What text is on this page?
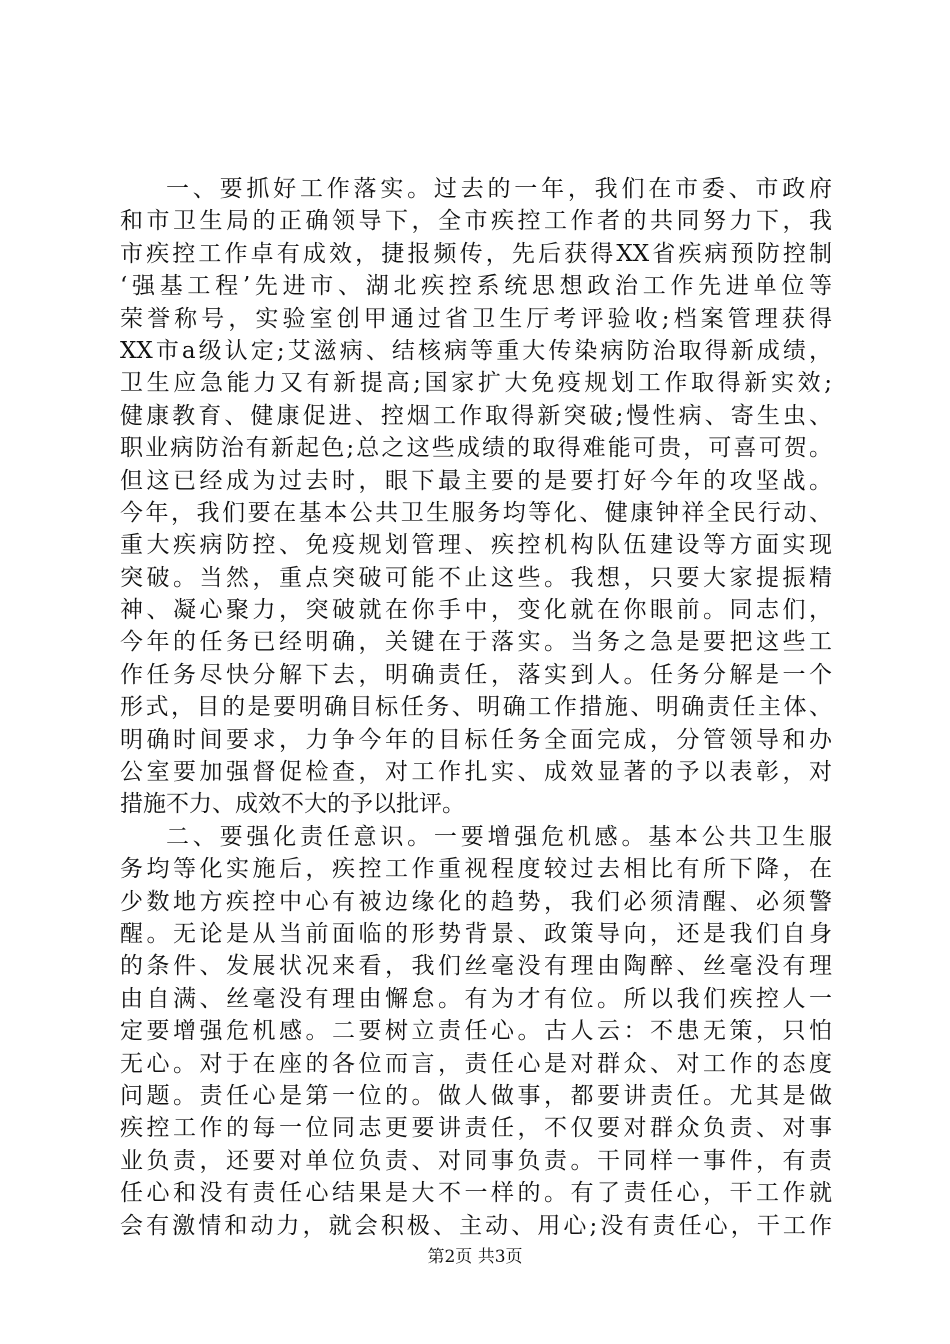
一、要抓好工作落实。过去的一年，我们在市委、市政府
和市卫生局的正确领导下，全市疾控工作者的共同努力下，我
市疾控工作卓有成效，捷报频传，先后获得XX省疾病预防控制
‘强基工程’先进市、湖北疾控系统思想政治工作先进单位等
荣誉称号，实验室创甲通过省卫生厅考评验收;档案管理获得
XX市a级认定;艾滋病、结核病等重大传染病防治取得新成绩，
卫生应急能力又有新提高;国家扩大免疫规划工作取得新实效;
健康教育、健康促进、控烟工作取得新突破;慢性病、寄生虫、
职业病防治有新起色;总之这些成绩的取得难能可贵，可喜可贺。
但这已经成为过去时，眼下最主要的是要打好今年的攻坚战。
今年，我们要在基本公共卫生服务均等化、健康钟祥全民行动、
重大疾病防控、免疫规划管理、疾控机构队伍建设等方面实现
突破。当然，重点突破可能不止这些。我想，只要大家提振精
神、凝心聚力，突破就在你手中，变化就在你眼前。同志们，
今年的任务已经明确，关键在于落实。当务之急是要把这些工
作任务尽快分解下去，明确责任，落实到人。任务分解是一个
形式，目的是要明确目标任务、明确工作措施、明确责任主体、
明确时间要求，力争今年的目标任务全面完成，分管领导和办
公室要加强督促检查，对工作扎实、成效显著的予以表彰，对
措施不力、成效不大的予以批评。
二、要强化责任意识。一要增强危机感。基本公共卫生服
务均等化实施后，疾控工作重视程度较过去相比有所下降，在
少数地方疾控中心有被边缘化的趋势，我们必须清醒、必须警
醒。无论是从当前面临的形势背景、政策导向，还是我们自身
的条件、发展状况来看，我们丝毫没有理由陶醉、丝毫没有理
由自满、丝毫没有理由懈怠。有为才有位。所以我们疾控人一
定要增强危机感。二要树立责任心。古人云：不患无策，只怕
无心。对于在座的各位而言，责任心是对群众、对工作的态度
问题。责任心是第一位的。做人做事，都要讲责任。尤其是做
疾控工作的每一位同志更要讲责任，不仅要对群众负责、对事
业负责，还要对单位负责、对同事负责。干同样一事件，有责
任心和没有责任心结果是大不一样的。有了责任心，干工作就
会有激情和动力，就会积极、主动、用心;没有责任心，干工作
第2页 共3页
